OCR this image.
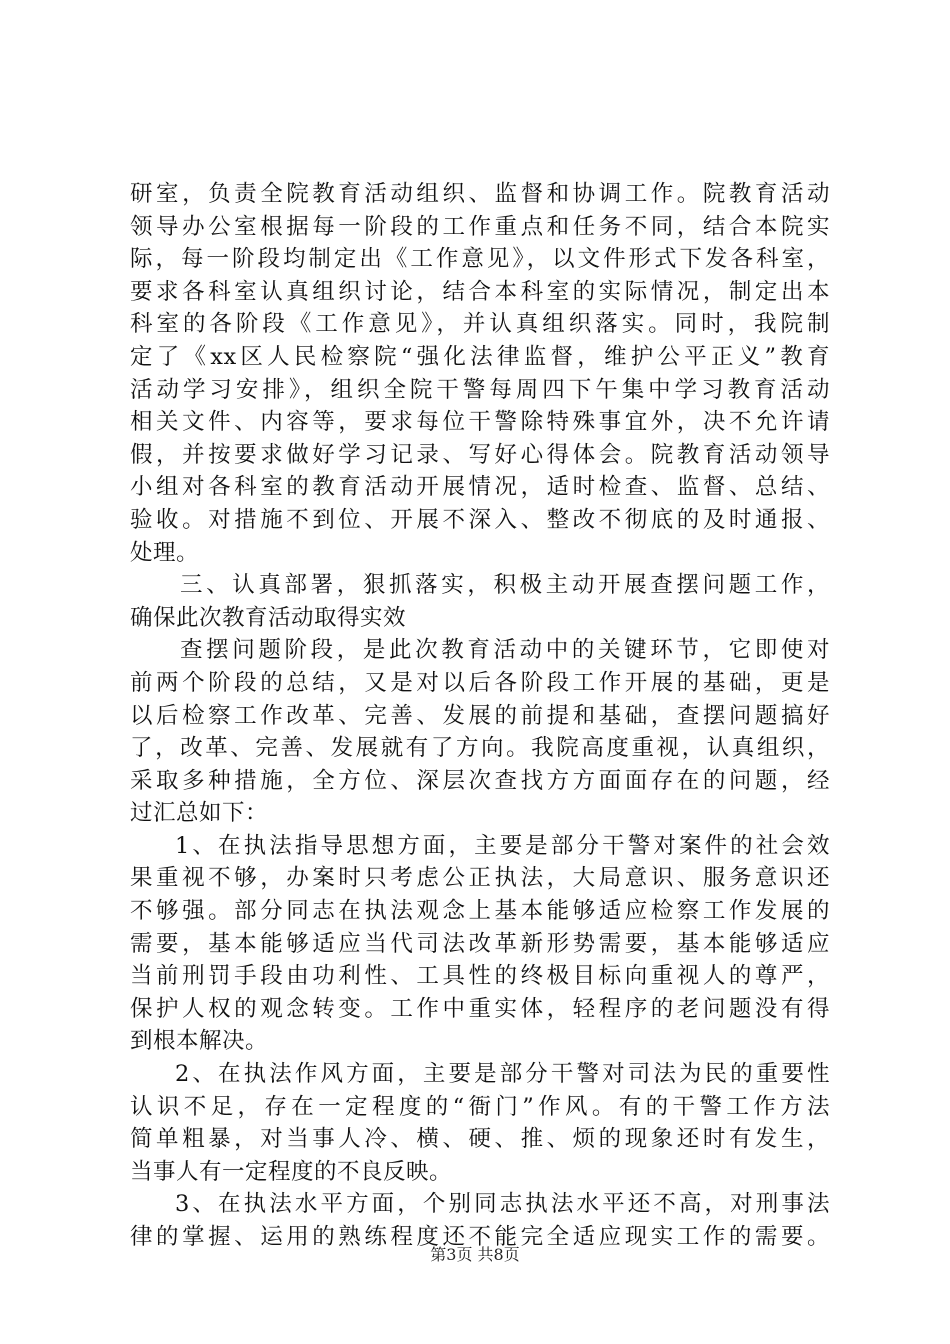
研室，负责全院教育活动组织、监督和协调工作。院教育活动
领导办公室根据每一阶段的工作重点和任务不同，结合本院实
际，每一阶段均制定出《工作意见》，以文件形式下发各科室，
要求各科室认真组织讨论，结合本科室的实际情况，制定出本
科室的各阶段《工作意见》，并认真组织落实。同时，我院制
定了《xx区人民检察院“强化法律监督，维护公平正义”教育
活动学习安排》，组织全院干警每周四下午集中学习教育活动
相关文件、内容等，要求每位干警除特殊事宜外，决不允许请
假，并按要求做好学习记录、写好心得体会。院教育活动领导
小组对各科室的教育活动开展情况，适时检查、监督、总结、
验收。对措施不到位、开展不深入、整改不彻底的及时通报、
处理。
三、认真部署，狠抓落实，积极主动开展查摆问题工作，
确保此次教育活动取得实效
查摆问题阶段，是此次教育活动中的关键环节，它即使对
前两个阶段的总结，又是对以后各阶段工作开展的基础，更是
以后检察工作改革、完善、发展的前提和基础，查摆问题搞好
了，改革、完善、发展就有了方向。我院高度重视，认真组织，
采取多种措施，全方位、深层次查找方方面面存在的问题，经
过汇总如下：
1、在执法指导思想方面，主要是部分干警对案件的社会效
果重视不够，办案时只考虑公正执法，大局意识、服务意识还
不够强。部分同志在执法观念上基本能够适应检察工作发展的
需要，基本能够适应当代司法改革新形势需要，基本能够适应
当前刑罚手段由功利性、工具性的终极目标向重视人的尊严，
保护人权的观念转变。工作中重实体，轻程序的老问题没有得
到根本解决。
2、在执法作风方面，主要是部分干警对司法为民的重要性
认识不足，存在一定程度的“衙门”作风。有的干警工作方法
简单粗暴，对当事人冷、横、硬、推、烦的现象还时有发生，
当事人有一定程度的不良反映。
3、在执法水平方面，个别同志执法水平还不高，对刑事法
律的掌握、运用的熟练程度还不能完全适应现实工作的需要。
第3页 共8页
